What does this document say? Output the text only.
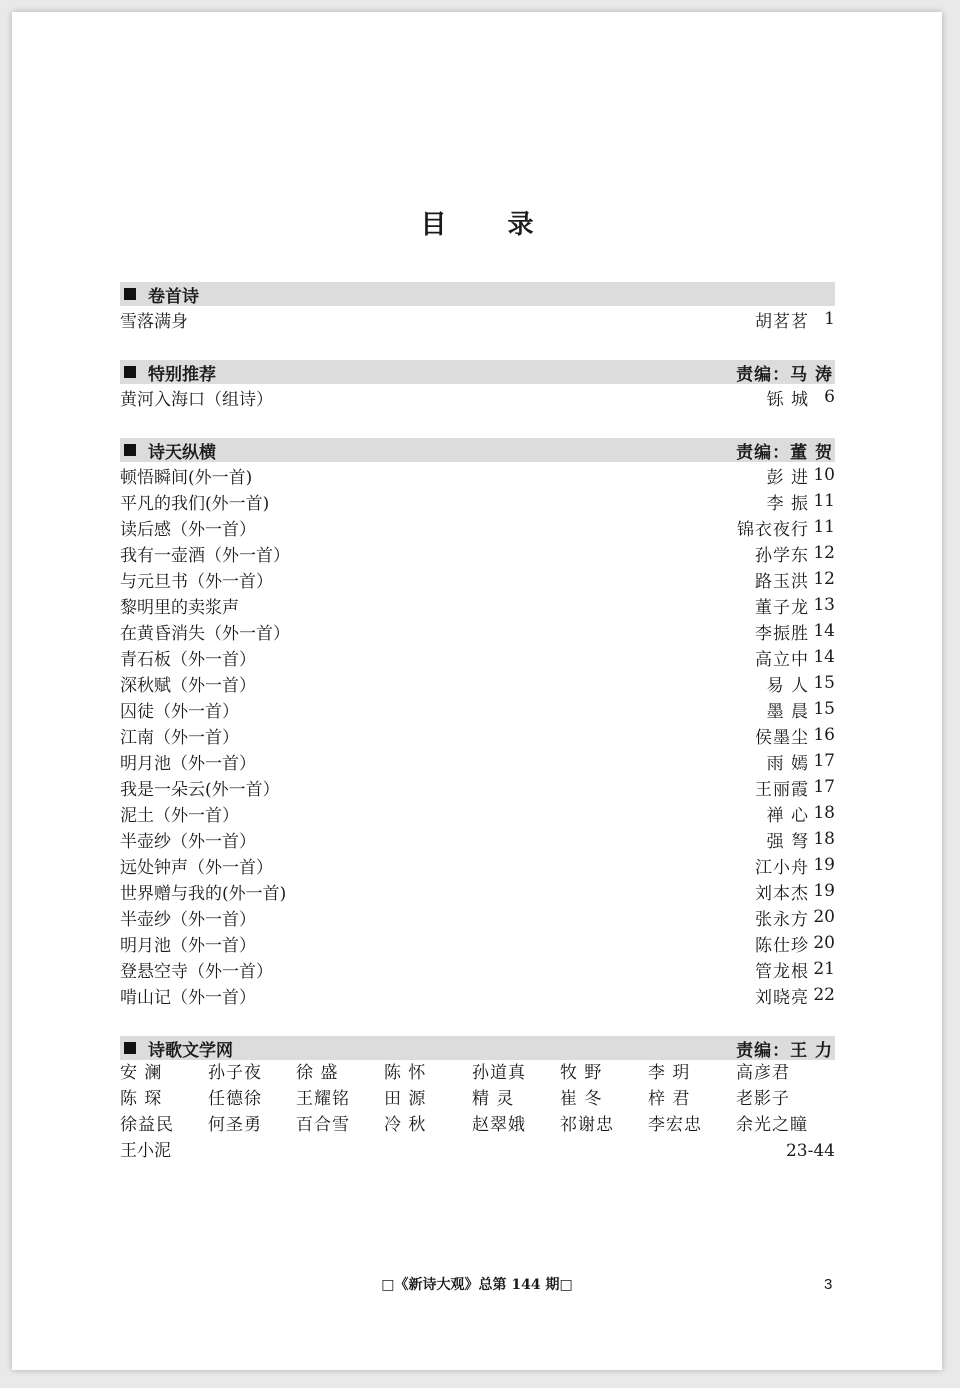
目 录
卷首诗
雪落满身	胡茗茗 1
特别推荐	责编：马 涛
黄河入海口（组诗）	铄 城 6
诗天纵横	责编：董 贺
顿悟瞬间(外一首)	彭 进 10
平凡的我们(外一首)	李 振 11
读后感（外一首）	锦衣夜行 11
我有一壶酒（外一首）	孙学东 12
与元旦书（外一首）	路玉洪 12
黎明里的卖浆声	董子龙 13
在黄昏消失（外一首）	李振胜 14
青石板（外一首）	高立中 14
深秋赋（外一首）	易 人 15
囚徒（外一首）	墨 晨 15
江南（外一首）	侯墨尘 16
明月池（外一首）	雨 嫣 17
我是一朵云(外一首）	王丽霞 17
泥土（外一首）	禅 心 18
半壶纱（外一首）	强 弩 18
远处钟声（外一首）	江小舟 19
世界赠与我的(外一首)	刘本杰 19
半壶纱（外一首）	张永方 20
明月池（外一首）	陈仕珍 20
登悬空寺（外一首）	管龙根 21
啃山记（外一首）	刘晓亮 22
诗歌文学网	责编：王 力
安 澜	孙子夜	徐 盛	陈 怀	孙道真	牧 野	李 玥	高彦君
陈 琛	任德徐	王耀铭	田 源	精 灵	崔 冬	梓 君	老影子
徐益民	何圣勇	百合雪	冷 秋	赵翠娥	祁谢忠	李宏忠	余光之瞳
王小泥	23-44
□《新诗大观》总第 144 期□	3
